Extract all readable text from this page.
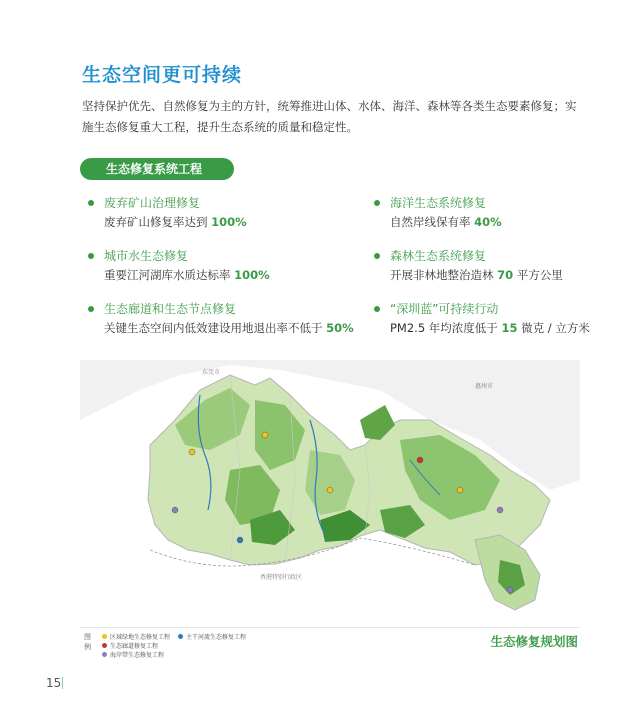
生态空间更可持续
坚持保护优先、自然修复为主的方针，统筹推进山体、水体、海洋、森林等各类生态要素修复；实施生态修复重大工程，提升生态系统的质量和稳定性。
生态修复系统工程
废弃矿山治理修复
废弃矿山修复率达到 100%
海洋生态系统修复
自然岸线保有率 40%
城市水生态修复
重要江河湖库水质达标率 100%
森林生态系统修复
开展非林地整治造林 70 平方公里
生态廊道和生态节点修复
关键生态空间内低效建设用地退出率不低于 50%
“深圳蓝”可持续行动
PM2.5 年均浓度低于 15 微克 / 立方米
东莞市
惠州市
香港特别行政区
图例
区域绿地生态修复工程
生态廊道修复工程
海岸带生态修复工程
主干河流生态修复工程	生态修复规划图
15
